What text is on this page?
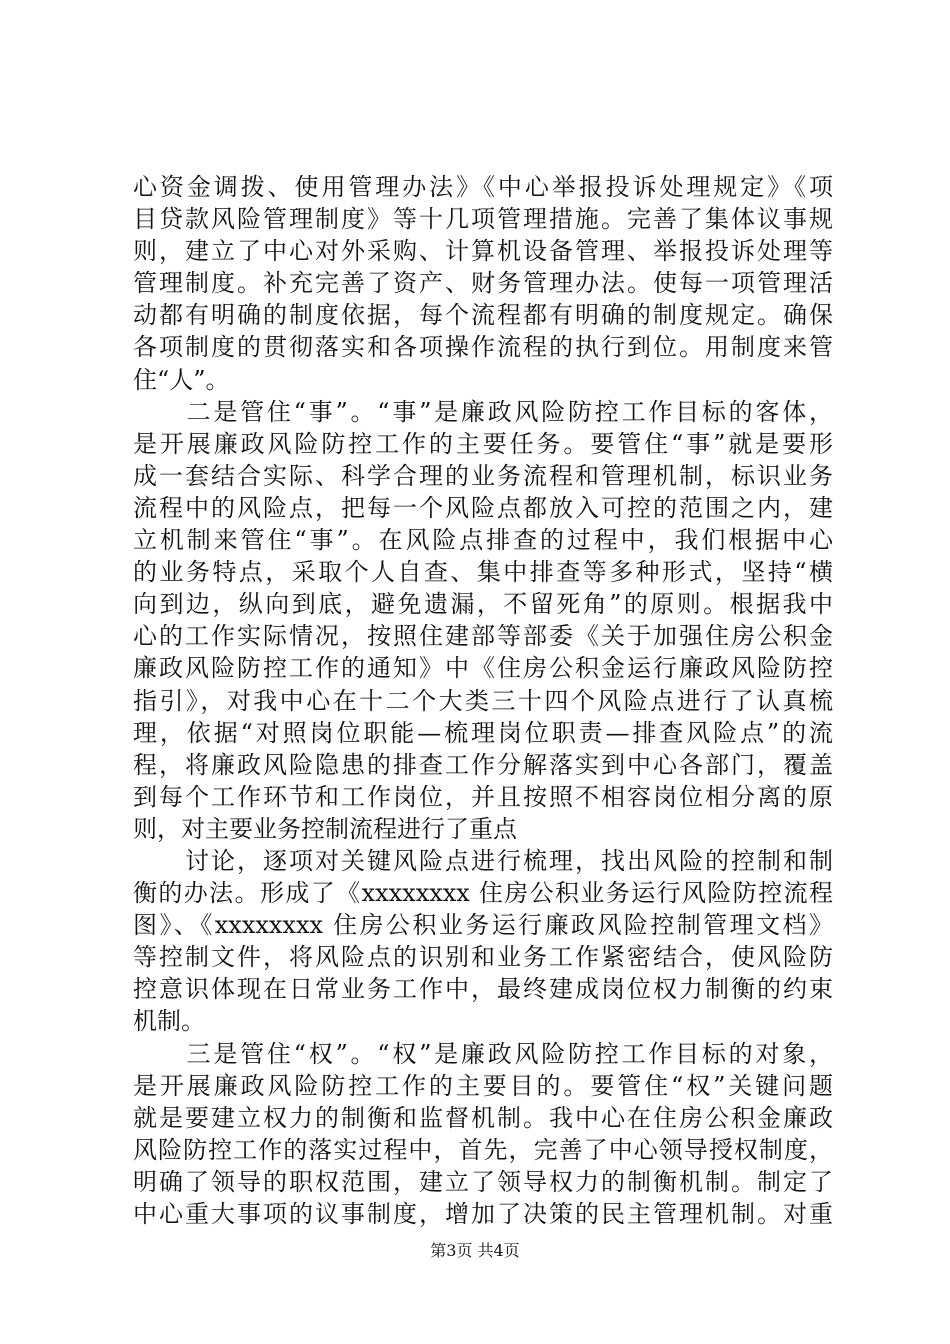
心资金调拨、使用管理办法》《中心举报投诉处理规定》《项
目贷款风险管理制度》等十几项管理措施。完善了集体议事规
则，建立了中心对外采购、计算机设备管理、举报投诉处理等
管理制度。补充完善了资产、财务管理办法。使每一项管理活
动都有明确的制度依据，每个流程都有明确的制度规定。确保
各项制度的贯彻落实和各项操作流程的执行到位。用制度来管
住“人”。
　　二是管住“事”。“事”是廉政风险防控工作目标的客体，
是开展廉政风险防控工作的主要任务。要管住“事”就是要形
成一套结合实际、科学合理的业务流程和管理机制，标识业务
流程中的风险点，把每一个风险点都放入可控的范围之内，建
立机制来管住“事”。在风险点排查的过程中，我们根据中心
的业务特点，采取个人自查、集中排查等多种形式，坚持“横
向到边，纵向到底，避免遗漏，不留死角”的原则。根据我中
心的工作实际情况，按照住建部等部委《关于加强住房公积金
廉政风险防控工作的通知》中《住房公积金运行廉政风险防控
指引》，对我中心在十二个大类三十四个风险点进行了认真梳
理，依据“对照岗位职能—梳理岗位职责—排查风险点”的流
程，将廉政风险隐患的排查工作分解落实到中心各部门，覆盖
到每个工作环节和工作岗位，并且按照不相容岗位相分离的原
则，对主要业务控制流程进行了重点
　　讨论，逐项对关键风险点进行梳理，找出风险的控制和制
衡的办法。形成了《xxxxxxxx 住房公积业务运行风险防控流程
图》、《xxxxxxxx 住房公积业务运行廉政风险控制管理文档》
等控制文件，将风险点的识别和业务工作紧密结合，使风险防
控意识体现在日常业务工作中，最终建成岗位权力制衡的约束
机制。
　　三是管住“权”。“权”是廉政风险防控工作目标的对象，
是开展廉政风险防控工作的主要目的。要管住“权”关键问题
就是要建立权力的制衡和监督机制。我中心在住房公积金廉政
风险防控工作的落实过程中，首先，完善了中心领导授权制度，
明确了领导的职权范围，建立了领导权力的制衡机制。制定了
中心重大事项的议事制度，增加了决策的民主管理机制。对重
第3页 共4页
